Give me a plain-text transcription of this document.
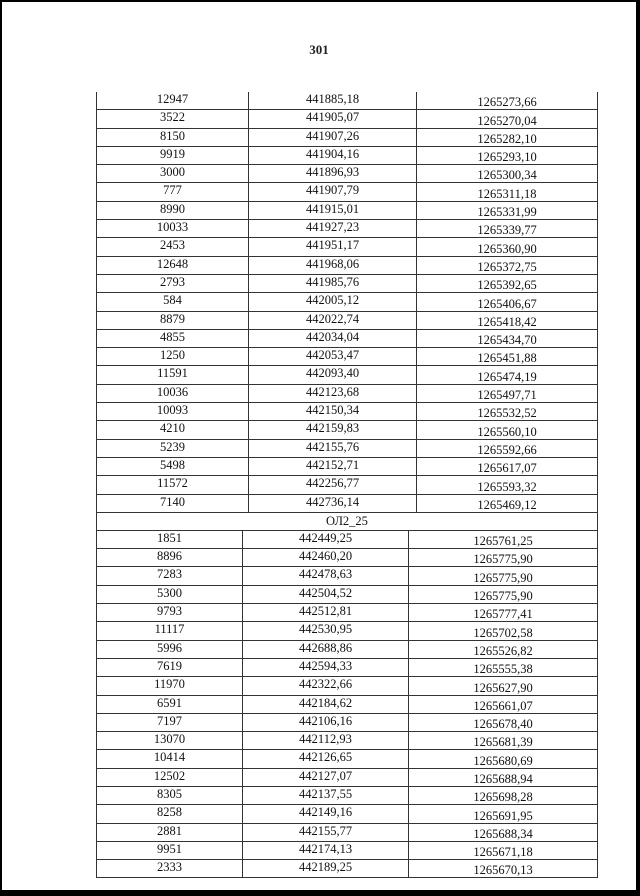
301
12947	441885,18	1265273,66
3522	441905,07	1265270,04
8150	441907,26	1265282,10
9919	441904,16	1265293,10
3000	441896,93	1265300,34
777	441907,79	1265311,18
8990	441915,01	1265331,99
10033	441927,23	1265339,77
2453	441951,17	1265360,90
12648	441968,06	1265372,75
2793	441985,76	1265392,65
584	442005,12	1265406,67
8879	442022,74	1265418,42
4855	442034,04	1265434,70
1250	442053,47	1265451,88
11591	442093,40	1265474,19
10036	442123,68	1265497,71
10093	442150,34	1265532,52
4210	442159,83	1265560,10
5239	442155,76	1265592,66
5498	442152,71	1265617,07
11572	442256,77	1265593,32
7140	442736,14	1265469,12
ОЛ2_25
1851	442449,25	1265761,25
8896	442460,20	1265775,90
7283	442478,63	1265775,90
5300	442504,52	1265775,90
9793	442512,81	1265777,41
11117	442530,95	1265702,58
5996	442688,86	1265526,82
7619	442594,33	1265555,38
11970	442322,66	1265627,90
6591	442184,62	1265661,07
7197	442106,16	1265678,40
13070	442112,93	1265681,39
10414	442126,65	1265680,69
12502	442127,07	1265688,94
8305	442137,55	1265698,28
8258	442149,16	1265691,95
2881	442155,77	1265688,34
9951	442174,13	1265671,18
2333	442189,25	1265670,13
